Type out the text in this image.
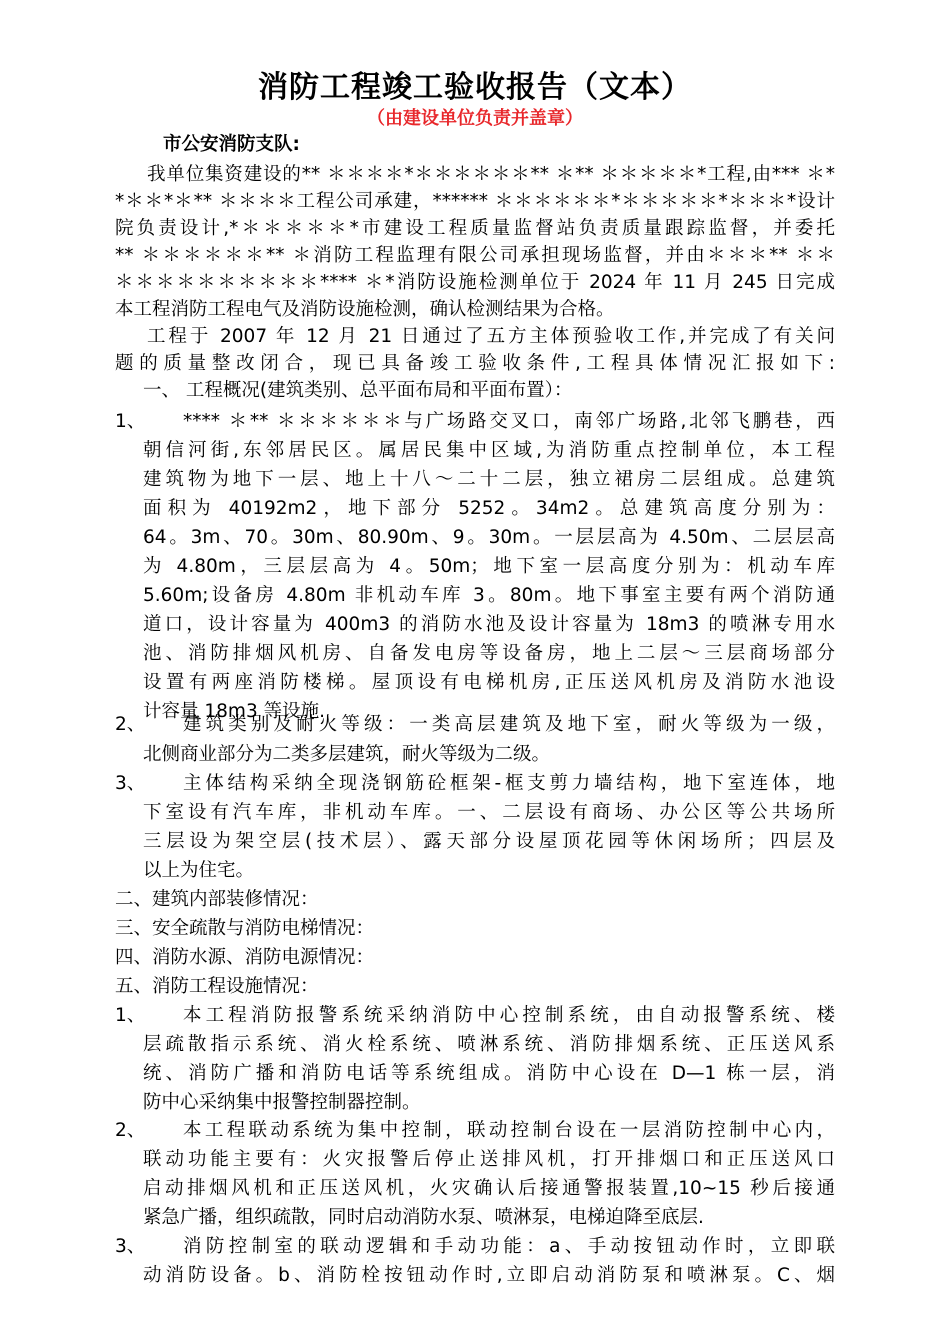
消防工程竣工验收报告（文本）
（由建设单位负责并盖章）
市公安消防支队:
我单位集资建设的** ＊＊＊＊*＊＊＊＊＊＊** ＊** ＊＊＊＊＊*工程,由*** ＊*
*＊＊*＊** ＊＊＊＊工程公司承建，****** ＊＊＊＊＊＊*＊＊＊＊＊*＊＊＊*设计
院负责设计,*＊＊＊＊＊*市建设工程质量监督站负责质量跟踪监督，并委托
** ＊＊＊＊＊＊** ＊消防工程监理有限公司承担现场监督，并由＊＊＊** ＊＊
＊＊＊＊＊＊＊＊＊＊**** ＊*消防设施检测单位于 2024 年 11 月 245 日完成
本工程消防工程电气及消防设施检测，确认检测结果为合格。
工程于 2007 年 12 月 21 日通过了五方主体预验收工作,并完成了有关问
题的质量整改闭合，现已具备竣工验收条件,工程具体情况汇报如下:
一、 工程概况(建筑类别、总平面布局和平面布置）：
1、 **** ＊** ＊＊＊＊＊＊与广场路交叉口，南邻广场路,北邻飞鹏巷，西
朝信河街,东邻居民区。属居民集中区域,为消防重点控制单位，本工程
建筑物为地下一层、地上十八～二十二层，独立裙房二层组成。总建筑
面积为 40192m2，地下部分 5252。34m2。总建筑高度分别为：
64。3m、70。30m、80.90m、9。30m。一层层高为 4.50m、二层层高
为 4.80m，三层层高为 4。50m；地下室一层高度分别为：机动车库
5.60m;设备房 4.80m 非机动车库 3。80m。地下事室主要有两个消防通
道口，设计容量为 400m3 的消防水池及设计容量为 18m3 的喷淋专用水
池、消防排烟风机房、自备发电房等设备房，地上二层～三层商场部分
设置有两座消防楼梯。屋顶设有电梯机房,正压送风机房及消防水池设
计容量 18m3 等设施.
2、 建筑类别及耐火等级：一类高层建筑及地下室，耐火等级为一级，
北侧商业部分为二类多层建筑，耐火等级为二级。
3、 主体结构采纳全现浇钢筋砼框架-框支剪力墙结构，地下室连体，地
下室设有汽车库，非机动车库。一、二层设有商场、办公区等公共场所
三层设为架空层(技术层）、露天部分设屋顶花园等休闲场所；四层及
以上为住宅。
二、建筑内部装修情况：
三、安全疏散与消防电梯情况：
四、消防水源、消防电源情况：
五、消防工程设施情况：
1、 本工程消防报警系统采纳消防中心控制系统，由自动报警系统、楼
层疏散指示系统、消火栓系统、喷淋系统、消防排烟系统、正压送风系
统、消防广播和消防电话等系统组成。消防中心设在 D—1 栋一层，消
防中心采纳集中报警控制器控制。
2、 本工程联动系统为集中控制，联动控制台设在一层消防控制中心内，
联动功能主要有：火灾报警后停止送排风机，打开排烟口和正压送风口
启动排烟风机和正压送风机，火灾确认后接通警报装置,10~15 秒后接通
紧急广播，组织疏散，同时启动消防水泵、喷淋泵，电梯迫降至底层.
3、 消防控制室的联动逻辑和手动功能：a、手动按钮动作时，立即联
动消防设备。b、消防栓按钮动作时,立即启动消防泵和喷淋泵。C、烟
